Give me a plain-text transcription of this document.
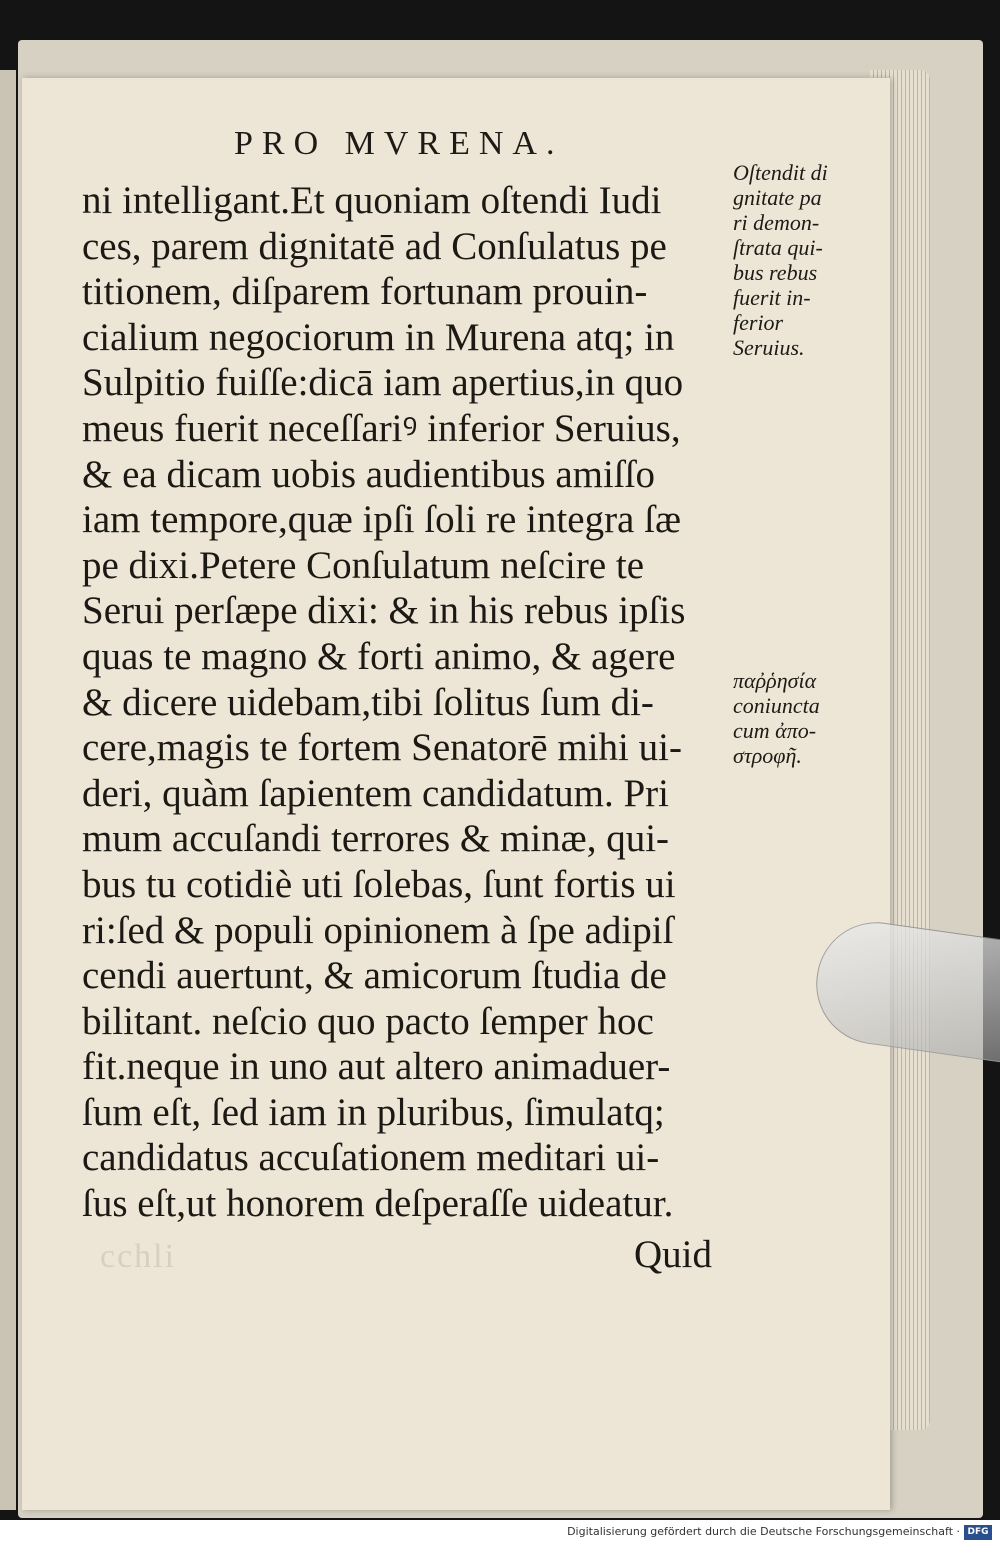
PRO MVRENA.
cchli
ni intelligant.Et quoniam oſtendi Iudi
ces, parem dignitatē ad Conſulatus pe
titionem, diſparem fortunam prouin-
cialium negociorum in Murena atq; in
Sulpitio fuiſſe:dicā iam apertius,in quo
meus fuerit neceſſariꝰ inferior Seruius,
& ea dicam uobis audientibus amiſſo
iam tempore,quæ ipſi ſoli re integra ſæ
pe dixi.Petere Conſulatum neſcire te
Serui perſæpe dixi: & in his rebus ipſis
quas te magno & forti animo, & agere
& dicere uidebam,tibi ſolitus ſum di-
cere,magis te fortem Senatorē mihi ui-
deri, quàm ſapientem candidatum. Pri
mum accuſandi terrores & minæ, qui-
bus tu cotidiè uti ſolebas, ſunt fortis ui
ri:ſed & populi opinionem à ſpe adipiſ
cendi auertunt, & amicorum ſtudia de
bilitant. neſcio quo pacto ſemper hoc
fit.neque in uno aut altero animaduer-
ſum eſt, ſed iam in pluribus, ſimulatq;
candidatus accuſationem meditari ui-
ſus eſt,ut honorem deſperaſſe uideatur.
Quid
Oſtendit di
gnitate pa
ri demon-
ſtrata qui-
bus rebus
fuerit in-
ferior
Seruius.
παῤῥησία
coniuncta
cum ἀπο-
στροφῆ.
Digitalisierung gefördert durch die Deutsche Forschungsgemeinschaft · DFG
